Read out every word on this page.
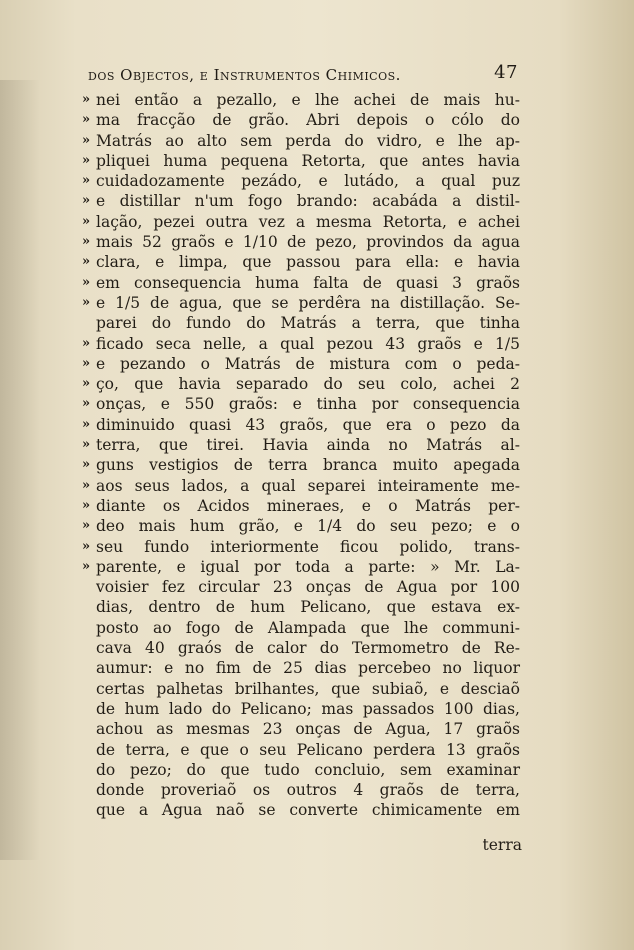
dos Objectos, e Instrumentos Chimicos.	47
» nei então a pezallo, e lhe achei de mais hu-
» ma fracção de grão. Abri depois o cólo do
» Matrás ao alto sem perda do vidro, e lhe ap-
» pliquei huma pequena Retorta, que antes havia
» cuidadozamente pezádo, e lutádo, a qual puz
» e distillar n'um fogo brando: acabáda a distil-
» lação, pezei outra vez a mesma Retorta, e achei
» mais 52 graõs e 1/10 de pezo, provindos da agua
» clara, e limpa, que passou para ella: e havia
» em consequencia huma falta de quasi 3 graõs
» e 1/5 de agua, que se perdêra na distillação. Se-
parei do fundo do Matrás a terra, que tinha
» ficado seca nelle, a qual pezou 43 graõs e 1/5
» e pezando o Matrás de mistura com o peda-
» ço, que havia separado do seu colo, achei 2
» onças, e 550 graõs: e tinha por consequencia
» diminuido quasi 43 graõs, que era o pezo da
» terra, que tirei. Havia ainda no Matrás al-
» guns vestigios de terra branca muito apegada
» aos seus lados, a qual separei inteiramente me-
» diante os Acidos mineraes, e o Matrás per-
» deo mais hum grão, e 1/4 do seu pezo; e o
» seu fundo interiormente ficou polido, trans-
» parente, e igual por toda a parte: » Mr. La-
voisier fez circular 23 onças de Agua por 100
dias, dentro de hum Pelicano, que estava ex-
posto ao fogo de Alampada que lhe communi-
cava 40 graós de calor do Termometro de Re-
aumur: e no fim de 25 dias percebeo no liquor
certas palhetas brilhantes, que subiaõ, e desciaõ
de hum lado do Pelicano; mas passados 100 dias,
achou as mesmas 23 onças de Agua, 17 graõs
de terra, e que o seu Pelicano perdera 13 graõs
do pezo; do que tudo concluio, sem examinar
donde proveriaõ os outros 4 graõs de terra,
que a Agua naõ se converte chimicamente em
terra
